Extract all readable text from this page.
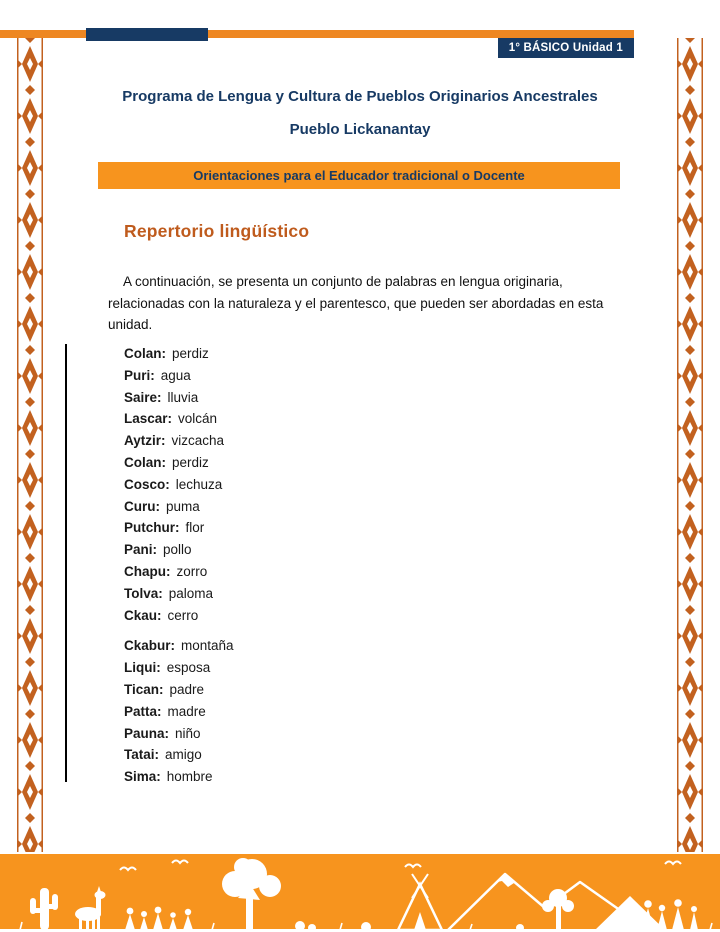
1° BÁSICO Unidad 1
Programa de Lengua y Cultura de Pueblos Originarios Ancestrales
Pueblo Lickanantay
Orientaciones para el Educador tradicional o Docente
Repertorio lingüístico
A continuación, se presenta un conjunto de palabras en lengua originaria, relacionadas con la naturaleza y el parentesco, que pueden ser abordadas en esta unidad.
Colan: perdiz
Puri: agua
Saire: lluvia
Lascar: volcán
Aytzir: vizcacha
Colan: perdiz
Cosco: lechuza
Curu: puma
Putchur: flor
Pani: pollo
Chapu: zorro
Tolva: paloma
Ckau: cerro
Ckabur: montaña
Liqui: esposa
Tican: padre
Patta: madre
Pauna: niño
Tatai: amigo
Sima: hombre
